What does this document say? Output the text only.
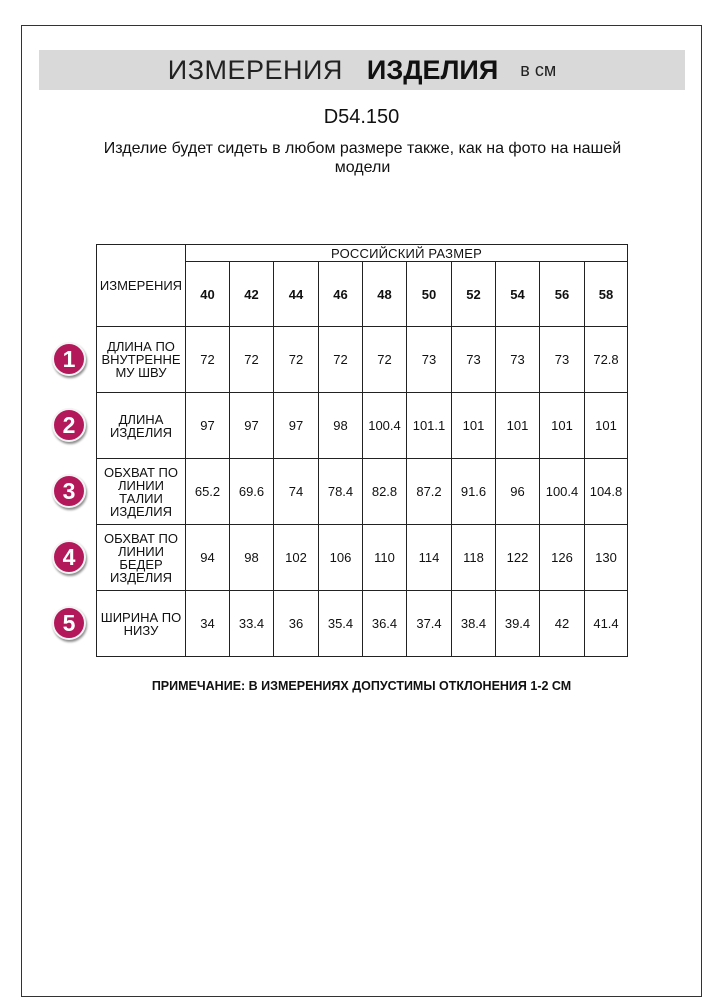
ИЗМЕРЕНИЯ ИЗДЕЛИЯ в см
D54.150
Изделие будет сидеть в любом размере также, как на фото на нашей модели
ИЗМЕРЕНИЯ	РОССИЙСКИЙ РАЗМЕР									
	40	42	44	46	48	50	52	54	56	58
ДЛИНА ПО ВНУТРЕННЕ МУ ШВУ	72	72	72	72	72	73	73	73	73	72.8
ДЛИНА ИЗДЕЛИЯ	97	97	97	98	100.4	101.1	101	101	101	101
ОБХВАТ ПО ЛИНИИ ТАЛИИ ИЗДЕЛИЯ	65.2	69.6	74	78.4	82.8	87.2	91.6	96	100.4	104.8
ОБХВАТ ПО ЛИНИИ БЕДЕР ИЗДЕЛИЯ	94	98	102	106	110	114	118	122	126	130
ШИРИНА ПО НИЗУ	34	33.4	36	35.4	36.4	37.4	38.4	39.4	42	41.4
1
2
3
4
5
ПРИМЕЧАНИЕ: В ИЗМЕРЕНИЯХ ДОПУСТИМЫ ОТКЛОНЕНИЯ 1-2 СМ
